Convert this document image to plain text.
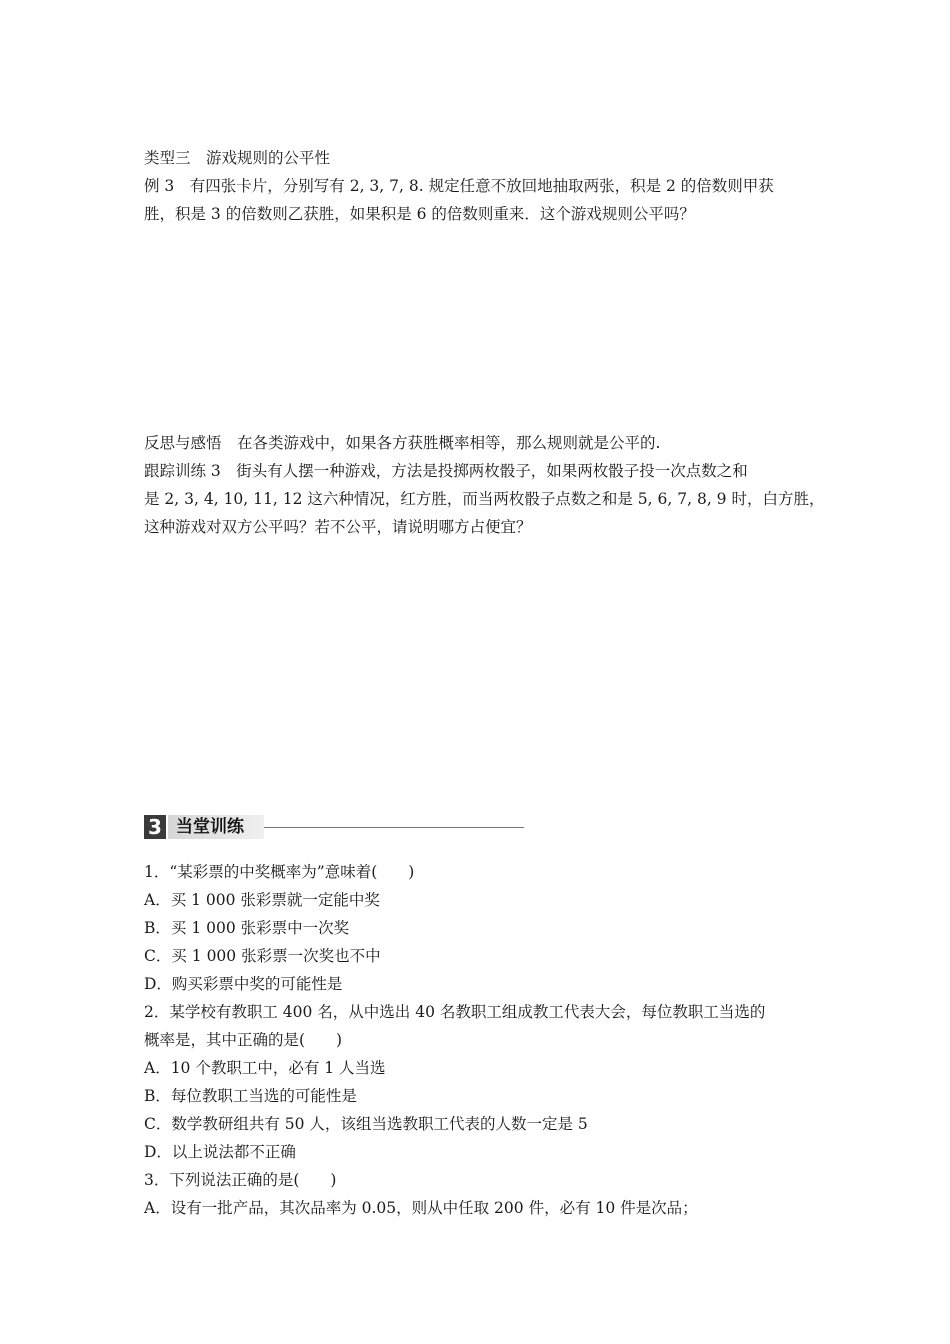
类型三　游戏规则的公平性

例 3　有四张卡片，分别写有 2, 3, 7, 8. 规定任意不放回地抽取两张，积是 2 的倍数则甲获

胜，积是 3 的倍数则乙获胜，如果积是 6 的倍数则重来．这个游戏规则公平吗？

反思与感悟　在各类游戏中，如果各方获胜概率相等，那么规则就是公平的.

跟踪训练 3　街头有人摆一种游戏，方法是投掷两枚骰子，如果两枚骰子投一次点数之和

是 2, 3, 4, 10, 11, 12 这六种情况，红方胜，而当两枚骰子点数之和是 5, 6, 7, 8, 9 时，白方胜，

这种游戏对双方公平吗？若不公平，请说明哪方占便宜？

3 当堂训练

1．“某彩票的中奖概率为”意味着(　　)

A．买 1 000 张彩票就一定能中奖

B．买 1 000 张彩票中一次奖

C．买 1 000 张彩票一次奖也不中

D．购买彩票中奖的可能性是

2．某学校有教职工 400 名，从中选出 40 名教职工组成教工代表大会，每位教职工当选的

概率是，其中正确的是(　　)

A．10 个教职工中，必有 1 人当选

B．每位教职工当选的可能性是

C．数学教研组共有 50 人，该组当选教职工代表的人数一定是 5

D．以上说法都不正确

3．下列说法正确的是(　　)

A．设有一批产品，其次品率为 0.05，则从中任取 200 件，必有 10 件是次品；
